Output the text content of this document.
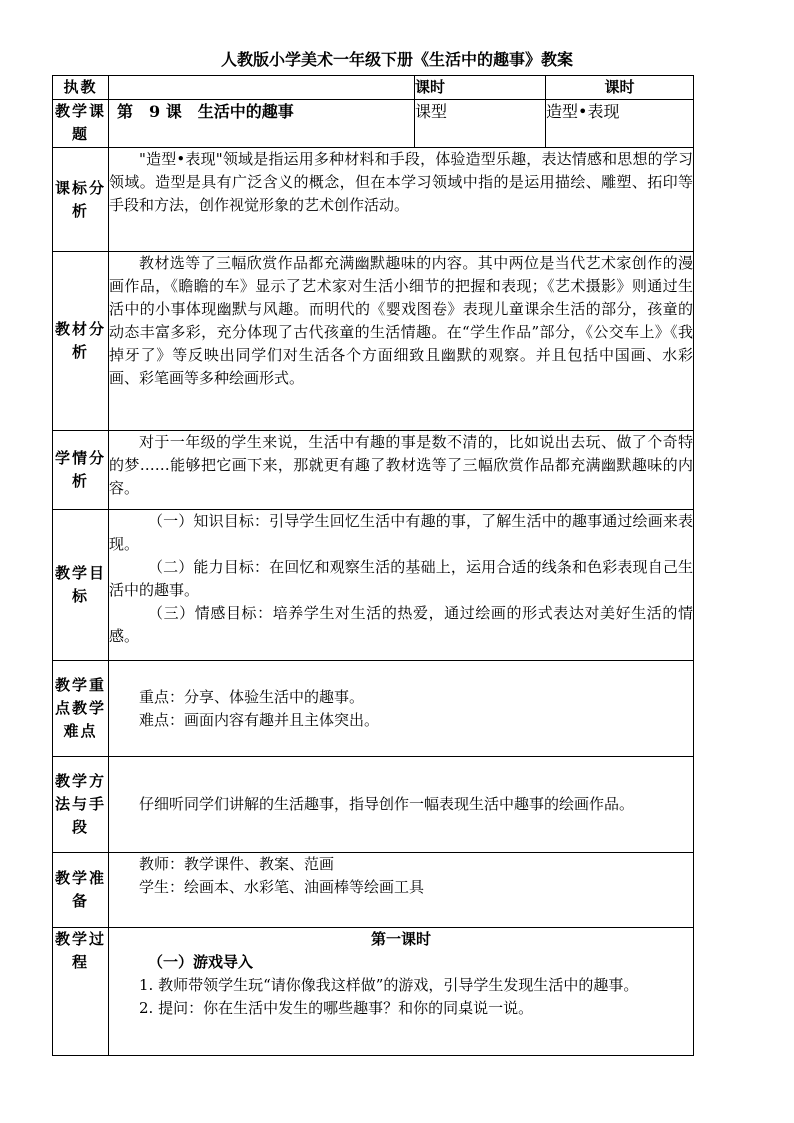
人教版小学美术一年级下册《生活中的趣事》教案
执教		课时	课时
教学课题	第　9 课　生活中的趣事	课型	造型•表现
课标分析	"造型•表现"领域是指运用多种材料和手段，体验造型乐趣，表达情感和思想的学习领域。造型是具有广泛含义的概念，但在本学习领域中指的是运用描绘、雕塑、拓印等手段和方法，创作视觉形象的艺术创作活动。		

教材分析	教材选等了三幅欣赏作品都充满幽默趣味的内容。其中两位是当代艺术家创作的漫画作品，《瞻瞻的车》显示了艺术家对生活小细节的把握和表现；《艺术摄影》则通过生活中的小事体现幽默与风趣。而明代的《婴戏图卷》表现儿童课余生活的部分，孩童的动态丰富多彩，充分体现了古代孩童的生活情趣。在“学生作品”部分，《公交车上》《我掉牙了》等反映出同学们对生活各个方面细致且幽默的观察。并且包括中国画、水彩画、彩笔画等多种绘画形式。		

学情分析	对于一年级的学生来说，生活中有趣的事是数不清的，比如说出去玩、做了个奇特的梦……能够把它画下来，那就更有趣了教材选等了三幅欣赏作品都充满幽默趣味的内容。		

教学目标	（一）知识目标：引导学生回忆生活中有趣的事，了解生活中的趣事通过绘画来表现。
（二）能力目标：在回忆和观察生活的基础上，运用合适的线条和色彩表现自己生活中的趣事。
（三）情感目标：培养学生对生活的热爱，通过绘画的形式表达对美好生活的情感。		

教学重点教学难点	重点：分享、体验生活中的趣事。
难点：画面内容有趣并且主体突出。		

教学方法与手段	仔细听同学们讲解的生活趣事，指导创作一幅表现生活中趣事的绘画作品。		

教学准备	教师：教学课件、教案、范画
学生：绘画本、水彩笔、油画棒等绘画工具		

教学过程	第一课时
（一）游戏导入
1. 教师带领学生玩“请你像我这样做”的游戏，引导学生发现生活中的趣事。
2. 提问：你在生活中发生的哪些趣事？和你的同桌说一说。		
